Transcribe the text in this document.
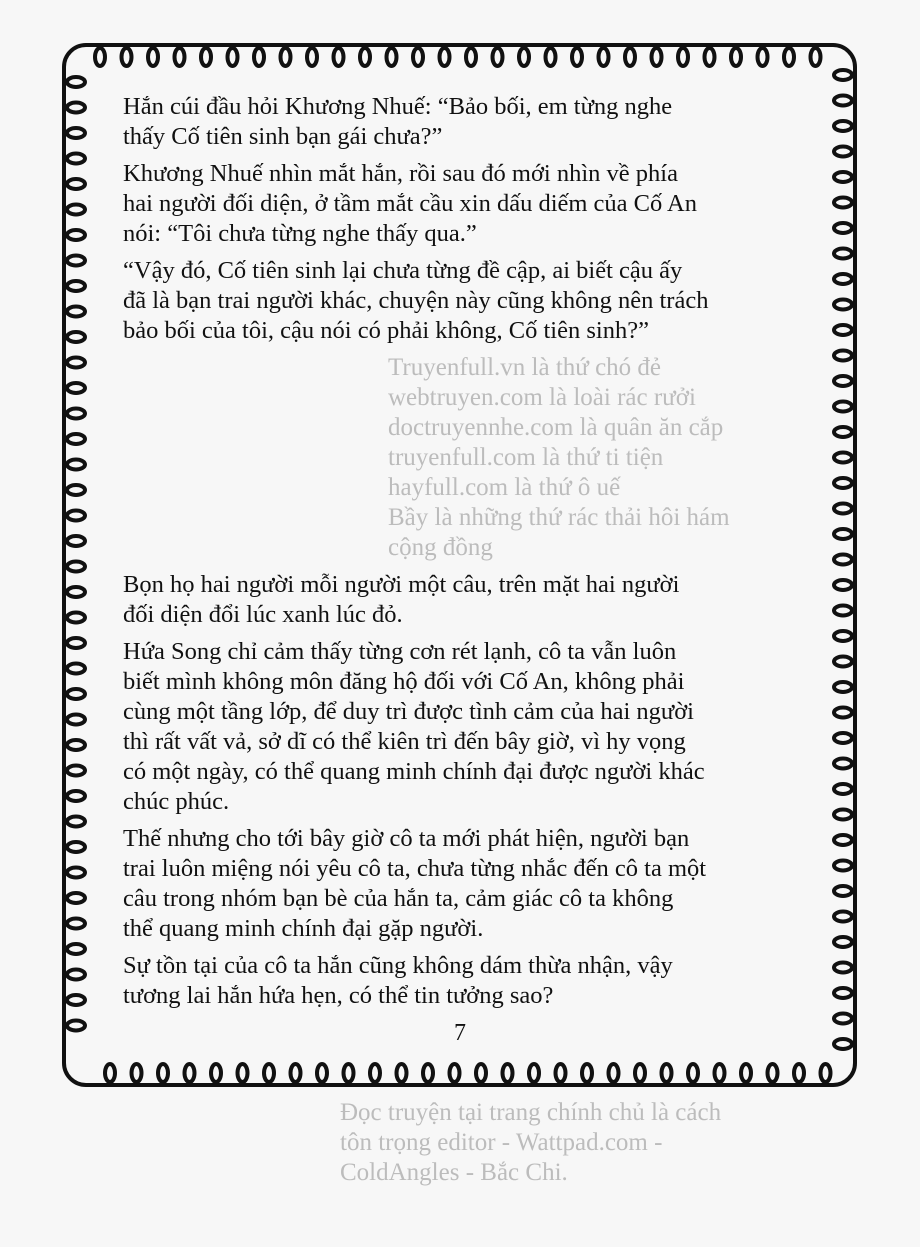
Hắn cúi đầu hỏi Khương Nhuế: “Bảo bối, em từng nghe
thấy Cố tiên sinh bạn gái chưa?”
Khương Nhuế nhìn mắt hắn, rồi sau đó mới nhìn về phía
hai người đối diện, ở tầm mắt cầu xin dấu diếm của Cố An
nói: “Tôi chưa từng nghe thấy qua.”
“Vậy đó, Cố tiên sinh lại chưa từng đề cập, ai biết cậu ấy
đã là bạn trai người khác, chuyện này cũng không nên trách
bảo bối của tôi, cậu nói có phải không, Cố tiên sinh?”
Truyenfull.vn là thứ chó đẻ
webtruyen.com là loài rác rưởi
doctruyennhe.com là quân ăn cắp
truyenfull.com là thứ ti tiện
hayfull.com là thứ ô uế
Bầy là những thứ rác thải hôi hám
cộng đồng
Bọn họ hai người mỗi người một câu, trên mặt hai người
đối diện đổi lúc xanh lúc đỏ.
Hứa Song chỉ cảm thấy từng cơn rét lạnh, cô ta vẫn luôn
biết mình không môn đăng hộ đối với Cố An, không phải
cùng một tầng lớp, để duy trì được tình cảm của hai người
thì rất vất vả, sở dĩ có thể kiên trì đến bây giờ, vì hy vọng
có một ngày, có thể quang minh chính đại được người khác
chúc phúc.
Thế nhưng cho tới bây giờ cô ta mới phát hiện, người bạn
trai luôn miệng nói yêu cô ta, chưa từng nhắc đến cô ta một
câu trong nhóm bạn bè của hắn ta, cảm giác cô ta không
thể quang minh chính đại gặp người.
Sự tồn tại của cô ta hắn cũng không dám thừa nhận, vậy
tương lai hắn hứa hẹn, có thể tin tưởng sao?
7
Đọc truyện tại trang chính chủ là cách
tôn trọng editor - Wattpad.com -
ColdAngles - Bắc Chi.
